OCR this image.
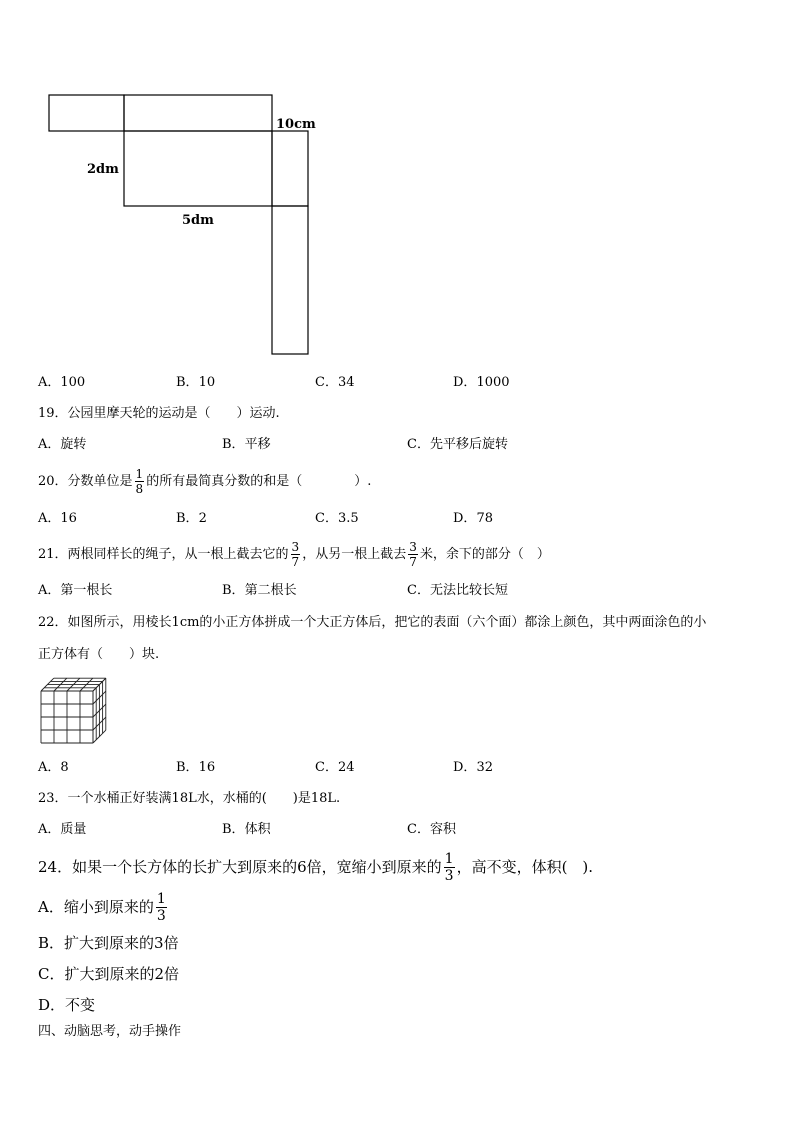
10cm
2dm
5dm
A．100	B．10	C．34	D．1000
19．公园里摩天轮的运动是（　　）运动.
A．旋转	B．平移	C．先平移后旋转
20．分数单位是 $\frac{1}{8}$ 的所有最简真分数的和是（　　　　）.
A．16	B．2	C．3.5	D．78
21．两根同样长的绳子，从一根上截去它的 $\frac{3}{7}$ ，从另一根上截去 $\frac{3}{7}$ 米，余下的部分（　）
A．第一根长	B．第二根长	C．无法比较长短
22．如图所示，用棱长1cm的小正方体拼成一个大正方体后，把它的表面（六个面）都涂上颜色，其中两面涂色的小
正方体有（　　）块.
A．8	B．16	C．24	D．32
23．一个水桶正好装满18L水，水桶的(　　)是18L.
A．质量	B．体积	C．容积
24．如果一个长方体的长扩大到原来的6倍，宽缩小到原来的 $\frac{1}{3}$ ，高不变，体积(　).
A．缩小到原来的 $\frac{1}{3}$
B．扩大到原来的3倍
C．扩大到原来的2倍
D．不变
四、动脑思考，动手操作
